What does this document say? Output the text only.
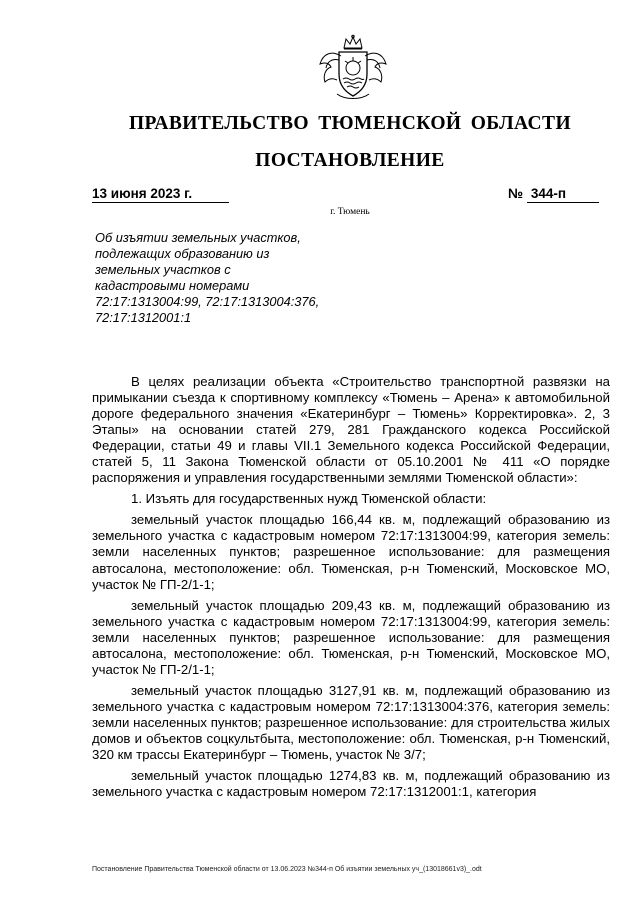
ПРАВИТЕЛЬСТВО ТЮМЕНСКОЙ ОБЛАСТИ
ПОСТАНОВЛЕНИЕ
13 июня 2023 г.	№ 344-п
г. Тюмень
Об изъятии земельных участков,
подлежащих образованию из
земельных участков с
кадастровыми номерами
72:17:1313004:99, 72:17:1313004:376,
72:17:1312001:1

В целях реализации объекта «Строительство транспортной развязки на примыкании съезда к спортивному комплексу «Тюмень – Арена» к автомобильной дороге федерального значения «Екатеринбург – Тюмень» Корректировка». 2, 3 Этапы» на основании статей 279, 281 Гражданского кодекса Российской Федерации, статьи 49 и главы VII.1 Земельного кодекса Российской Федерации, статей 5, 11 Закона Тюменской области от 05.10.2001 № 411 «О порядке распоряжения и управления государственными землями Тюменской области»:

1. Изъять для государственных нужд Тюменской области:

земельный участок площадью 166,44 кв. м, подлежащий образованию из земельного участка с кадастровым номером 72:17:1313004:99, категория земель: земли населенных пунктов; разрешенное использование: для размещения автосалона, местоположение: обл. Тюменская, р-н Тюменский, Московское МО, участок № ГП-2/1-1;

земельный участок площадью 209,43 кв. м, подлежащий образованию из земельного участка с кадастровым номером 72:17:1313004:99, категория земель: земли населенных пунктов; разрешенное использование: для размещения автосалона, местоположение: обл. Тюменская, р-н Тюменский, Московское МО, участок № ГП-2/1-1;

земельный участок площадью 3127,91 кв. м, подлежащий образованию из земельного участка с кадастровым номером 72:17:1313004:376, категория земель: земли населенных пунктов; разрешенное использование: для строительства жилых домов и объектов соцкультбыта, местоположение: обл. Тюменская, р-н Тюменский, 320 км трассы Екатеринбург – Тюмень, участок № 3/7;

земельный участок площадью 1274,83 кв. м, подлежащий образованию из земельного участка с кадастровым номером 72:17:1312001:1, категория

Постановление Правительства Тюменской области от 13.06.2023 №344-п Об изъятии земельных уч_(13018661v3)_.odt
